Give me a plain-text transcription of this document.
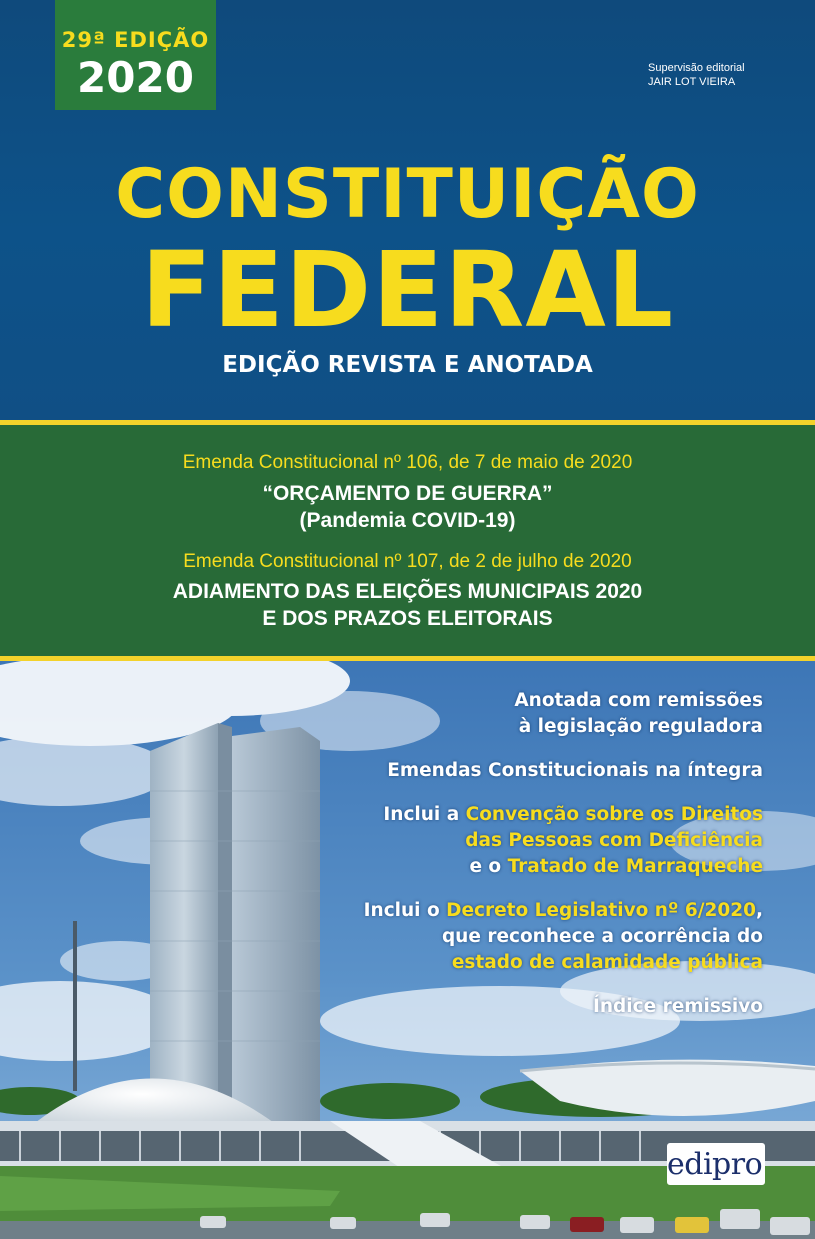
29ª EDIÇÃO
2020	Supervisão editorial
JAIR LOT VIEIRA
CONSTITUIÇÃO
FEDERAL
EDIÇÃO REVISTA E ANOTADA
Emenda Constitucional nº 106, de 7 de maio de 2020
“ORÇAMENTO DE GUERRA”
(Pandemia COVID-19)
Emenda Constitucional nº 107, de 2 de julho de 2020
ADIAMENTO DAS ELEIÇÕES MUNICIPAIS 2020
E DOS PRAZOS ELEITORAIS
Anotada com remissões
à legislação reguladora
Emendas Constitucionais na íntegra
Inclui a Convenção sobre os Direitos
das Pessoas com Deficiência
e o Tratado de Marraqueche
Inclui o Decreto Legislativo nº 6/2020,
que reconhece a ocorrência do
estado de calamidade pública
Índice remissivo
edipro
